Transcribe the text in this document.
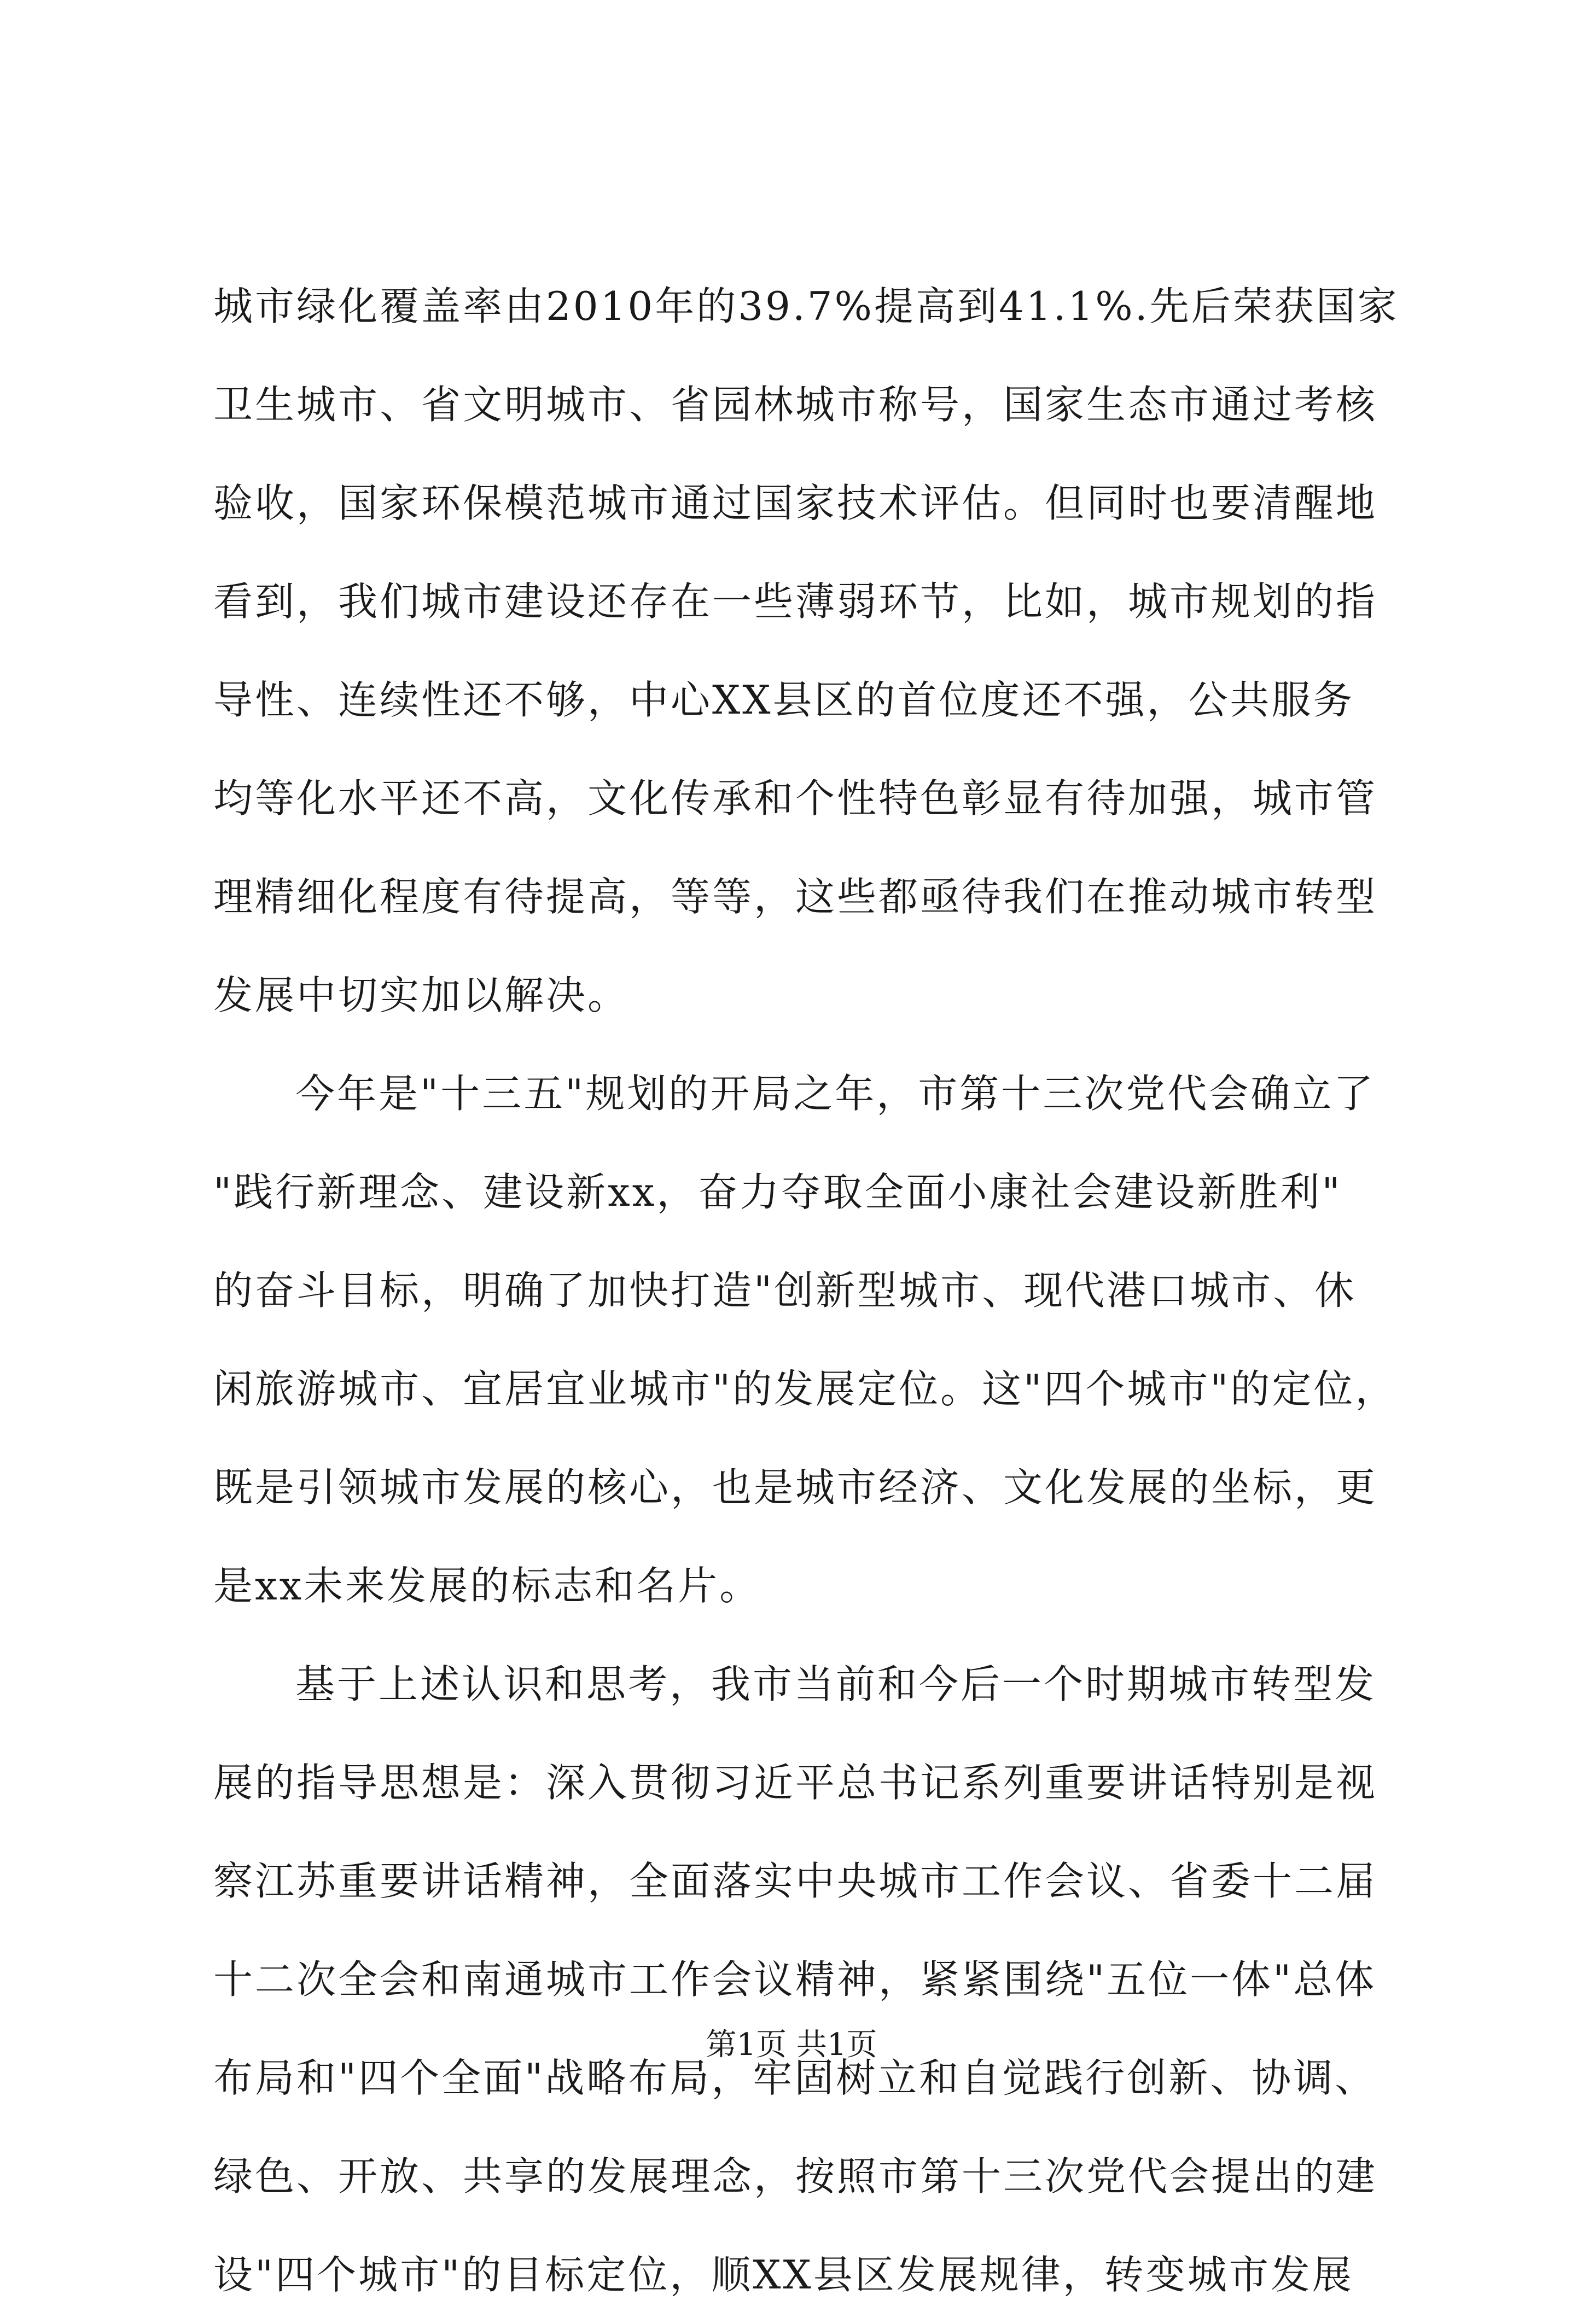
城市绿化覆盖率由2010年的39.7%提高到41.1%.先后荣获国家
卫生城市、省文明城市、省园林城市称号，国家生态市通过考核
验收，国家环保模范城市通过国家技术评估。但同时也要清醒地
看到，我们城市建设还存在一些薄弱环节，比如，城市规划的指
导性、连续性还不够，中心XX县区的首位度还不强，公共服务
均等化水平还不高，文化传承和个性特色彰显有待加强，城市管
理精细化程度有待提高，等等，这些都亟待我们在推动城市转型
发展中切实加以解决。
今年是"十三五"规划的开局之年，市第十三次党代会确立了
"践行新理念、建设新xx，奋力夺取全面小康社会建设新胜利"
的奋斗目标，明确了加快打造"创新型城市、现代港口城市、休
闲旅游城市、宜居宜业城市"的发展定位。这"四个城市"的定位，
既是引领城市发展的核心，也是城市经济、文化发展的坐标，更
是xx未来发展的标志和名片。
基于上述认识和思考，我市当前和今后一个时期城市转型发
展的指导思想是：深入贯彻习近平总书记系列重要讲话特别是视
察江苏重要讲话精神，全面落实中央城市工作会议、省委十二届
十二次全会和南通城市工作会议精神，紧紧围绕"五位一体"总体
布局和"四个全面"战略布局，牢固树立和自觉践行创新、协调、
绿色、开放、共享的发展理念，按照市第十三次党代会提出的建
设"四个城市"的目标定位，顺XX县区发展规律，转变城市发展
第1页 共1页
